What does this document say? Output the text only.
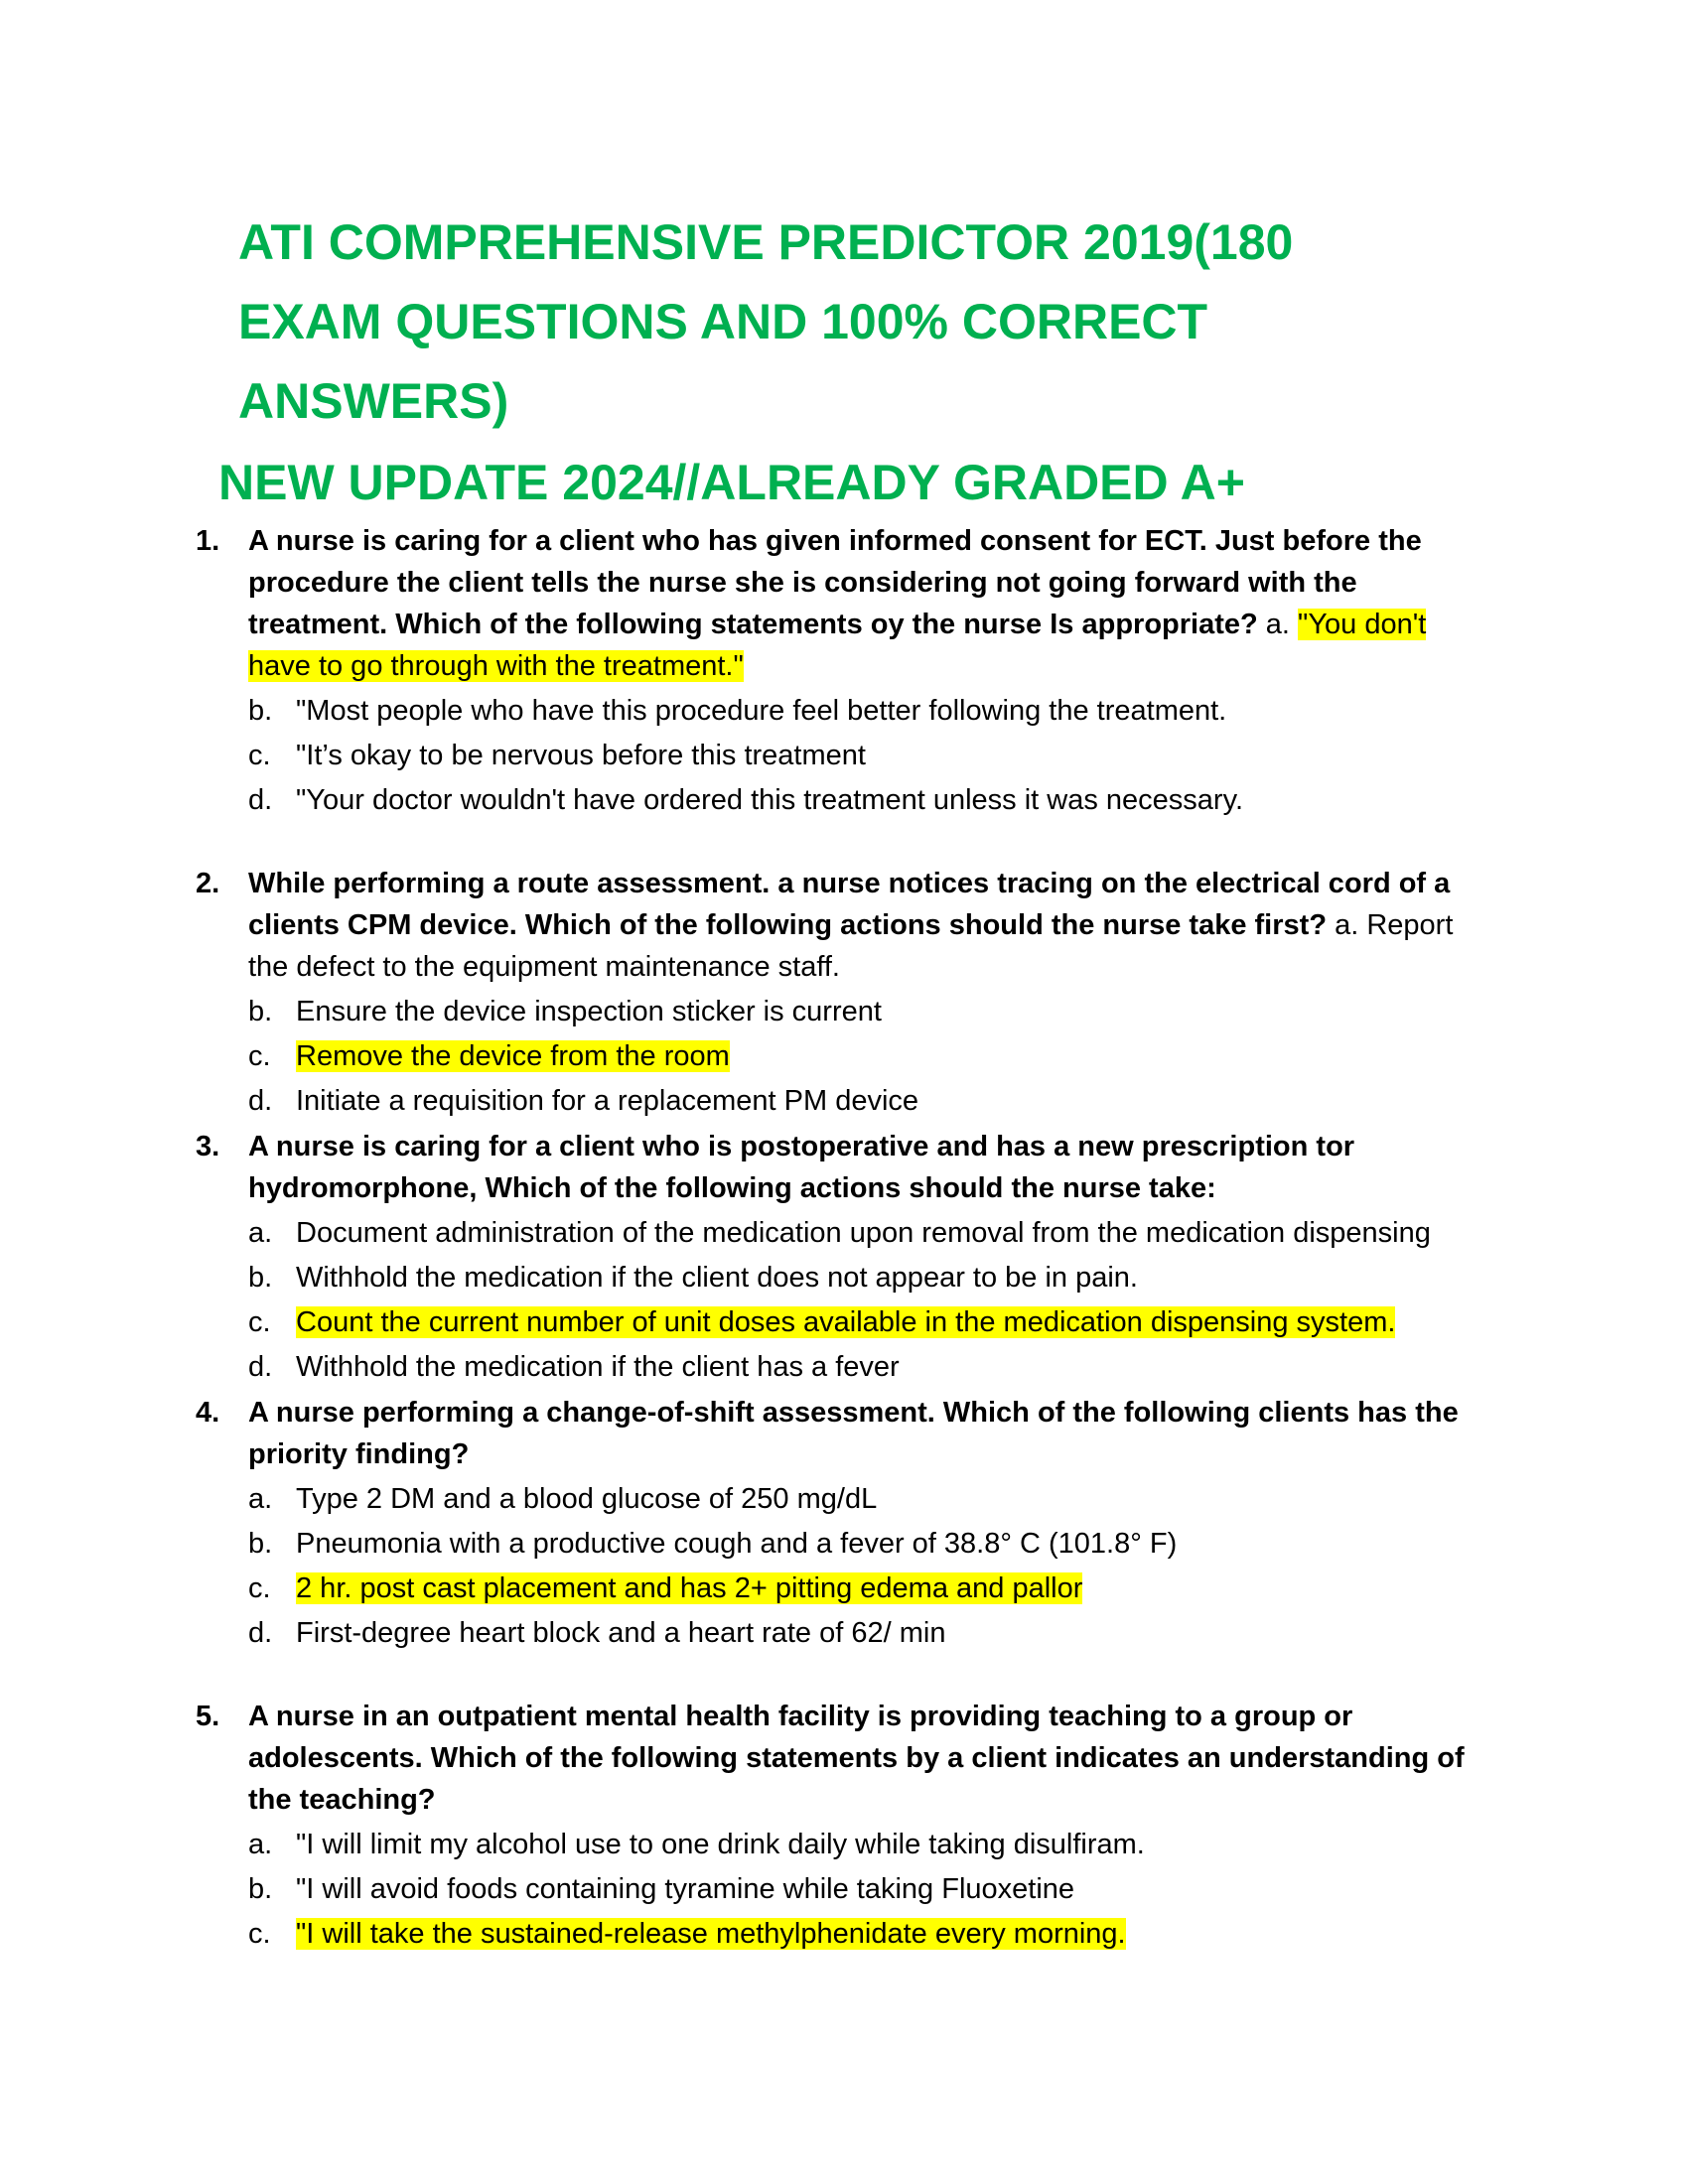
ATI COMPREHENSIVE PREDICTOR 2019(180
EXAM QUESTIONS AND 100% CORRECT
ANSWERS)
NEW UPDATE 2024//ALREADY GRADED A+
1. A nurse is caring for a client who has given informed consent for ECT. Just before the procedure the client tells the nurse she is considering not going forward with the treatment. Which of the following statements oy the nurse Is appropriate? a. "You don't have to go through with the treatment."
b. "Most people who have this procedure feel better following the treatment.
c. "It’s okay to be nervous before this treatment
d. "Your doctor wouldn't have ordered this treatment unless it was necessary.
2. While performing a route assessment. a nurse notices tracing on the electrical cord of a clients CPM device. Which of the following actions should the nurse take first? a. Report the defect to the equipment maintenance staff.
b. Ensure the device inspection sticker is current
c. Remove the device from the room
d. Initiate a requisition for a replacement PM device
3. A nurse is caring for a client who is postoperative and has a new prescription tor hydromorphone, Which of the following actions should the nurse take:
a. Document administration of the medication upon removal from the medication dispensing
b. Withhold the medication if the client does not appear to be in pain.
c. Count the current number of unit doses available in the medication dispensing system.
d. Withhold the medication if the client has a fever
4. A nurse performing a change-of-shift assessment. Which of the following clients has the priority finding?
a. Type 2 DM and a blood glucose of 250 mg/dL
b. Pneumonia with a productive cough and a fever of 38.8° C (101.8° F)
c. 2 hr. post cast placement and has 2+ pitting edema and pallor
d. First-degree heart block and a heart rate of 62/ min
5. A nurse in an outpatient mental health facility is providing teaching to a group or adolescents. Which of the following statements by a client indicates an understanding of the teaching?
a. "I will limit my alcohol use to one drink daily while taking disulfiram.
b. "I will avoid foods containing tyramine while taking Fluoxetine
c. "I will take the sustained-release methylphenidate every morning.
